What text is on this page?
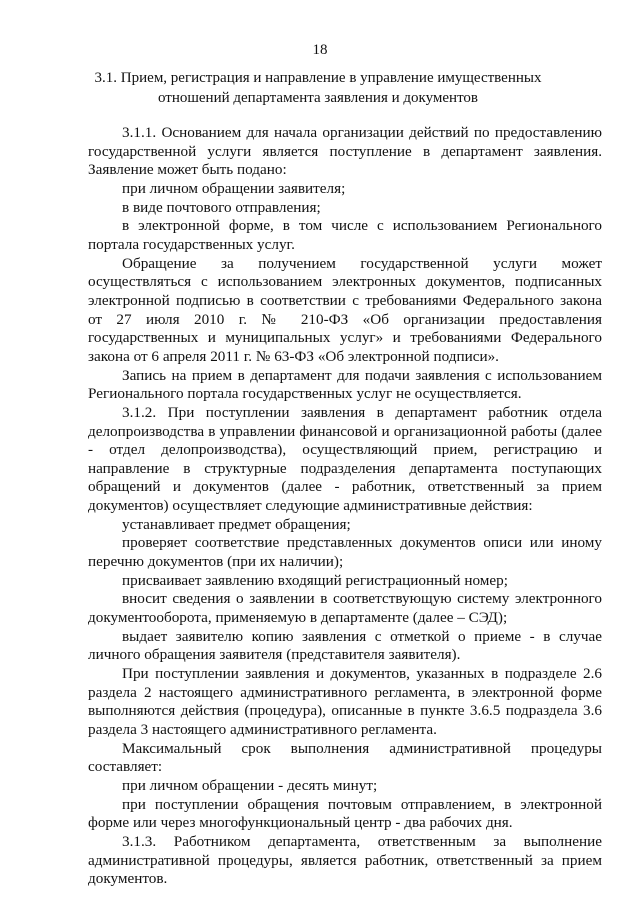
18
3.1. Прием, регистрация и направление в управление имущественных отношений департамента заявления и документов

3.1.1. Основанием для начала организации действий по предоставлению государственной услуги является поступление в департамент заявления. Заявление может быть подано:

при личном обращении заявителя;

в виде почтового отправления;

в электронной форме, в том числе с использованием Регионального портала государственных услуг.

Обращение за получением государственной услуги может осуществляться с использованием электронных документов, подписанных электронной подписью в соответствии с требованиями Федерального закона от 27 июля 2010 г. № 210-ФЗ «Об организации предоставления государственных и муниципальных услуг» и требованиями Федерального закона от 6 апреля 2011 г. № 63-ФЗ «Об электронной подписи».

Запись на прием в департамент для подачи заявления с использованием Регионального портала государственных услуг не осуществляется.

3.1.2. При поступлении заявления в департамент работник отдела делопроизводства в управлении финансовой и организационной работы (далее - отдел делопроизводства), осуществляющий прием, регистрацию и направление в структурные подразделения департамента поступающих обращений и документов (далее - работник, ответственный за прием документов) осуществляет следующие административные действия:

устанавливает предмет обращения;

проверяет соответствие представленных документов описи или иному перечню документов (при их наличии);

присваивает заявлению входящий регистрационный номер;

вносит сведения о заявлении в соответствующую систему электронного документооборота, применяемую в департаменте (далее – СЭД);

выдает заявителю копию заявления с отметкой о приеме - в случае личного обращения заявителя (представителя заявителя).

При поступлении заявления и документов, указанных в подразделе 2.6 раздела 2 настоящего административного регламента, в электронной форме выполняются действия (процедура), описанные в пункте 3.6.5 подраздела 3.6 раздела 3 настоящего административного регламента.

Максимальный срок выполнения административной процедуры составляет:

при личном обращении - десять минут;

при поступлении обращения почтовым отправлением, в электронной форме или через многофункциональный центр - два рабочих дня.

3.1.3. Работником департамента, ответственным за выполнение административной процедуры, является работник, ответственный за прием документов.
